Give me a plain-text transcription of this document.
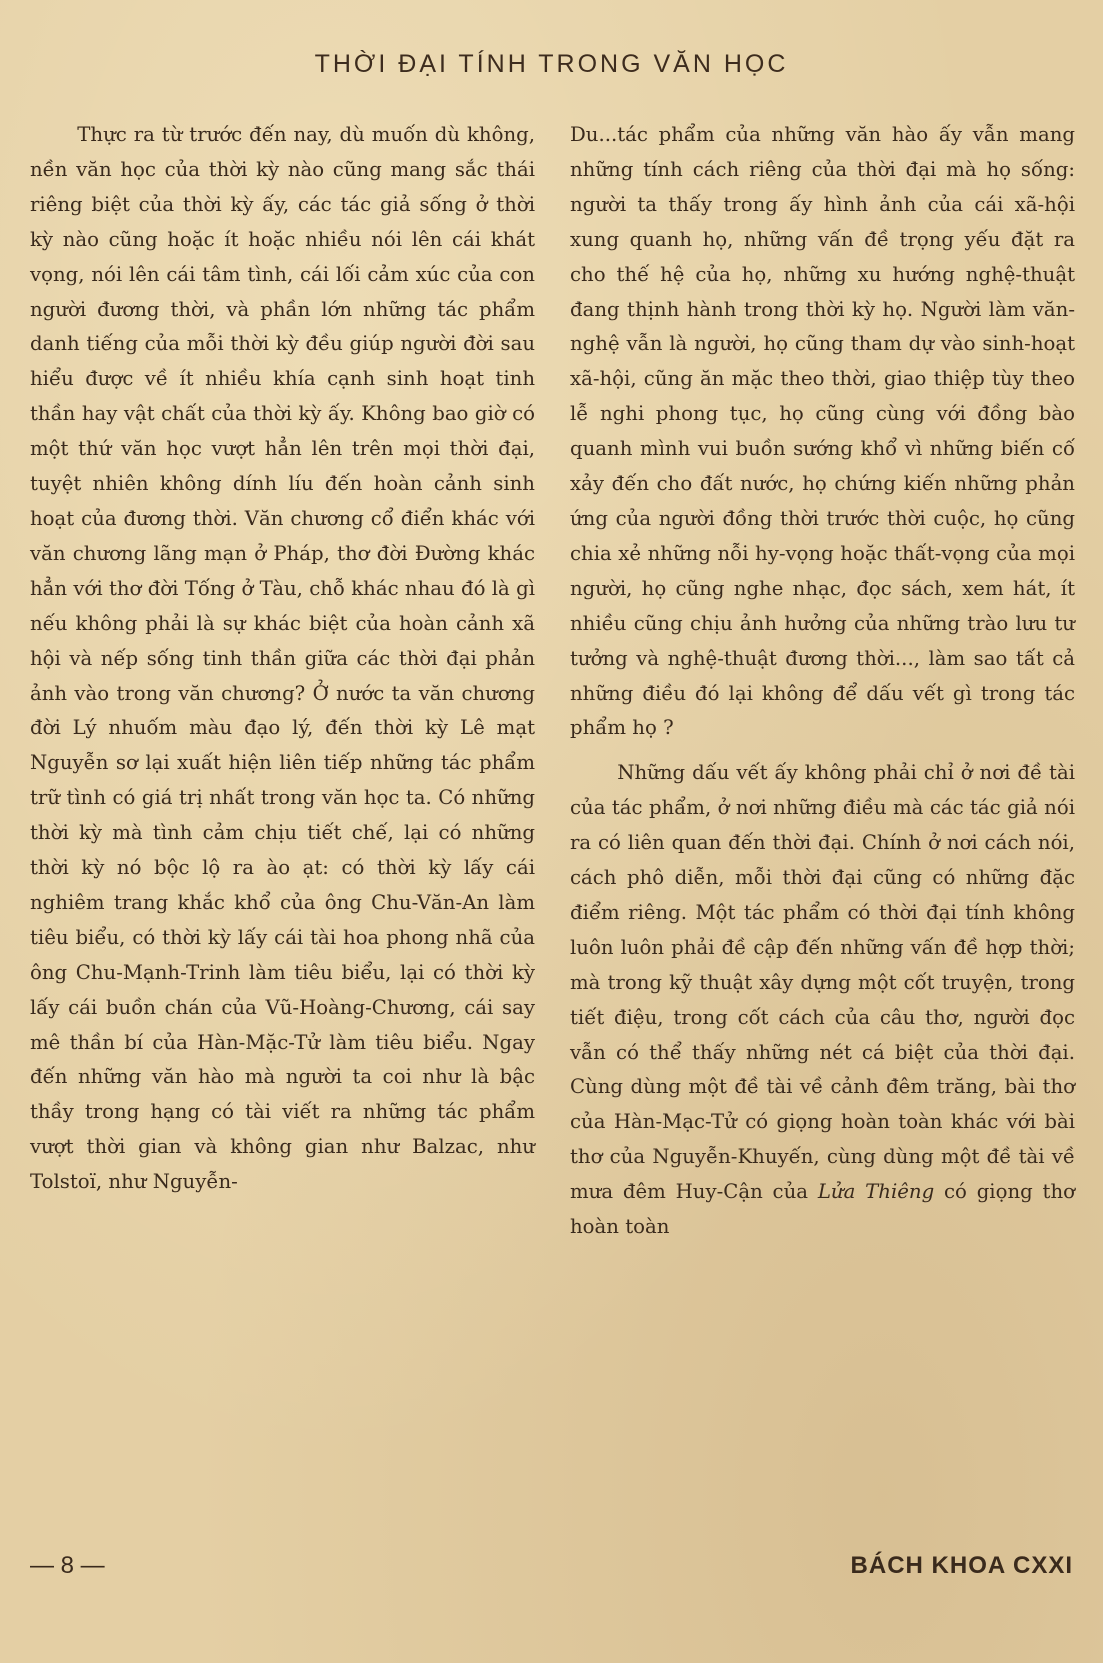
THỜI ĐẠI TÍNH TRONG VĂN HỌC

Thực ra từ trước đến nay, dù muốn dù không, nền văn học của thời kỳ nào cũng mang sắc thái riêng biệt của thời kỳ ấy, các tác giả sống ở thời kỳ nào cũng hoặc ít hoặc nhiều nói lên cái khát vọng, nói lên cái tâm tình, cái lối cảm xúc của con người đương thời, và phần lớn những tác phẩm danh tiếng của mỗi thời kỳ đều giúp người đời sau hiểu được về ít nhiều khía cạnh sinh hoạt tinh thần hay vật chất của thời kỳ ấy. Không bao giờ có một thứ văn học vượt hẳn lên trên mọi thời đại, tuyệt nhiên không dính líu đến hoàn cảnh sinh hoạt của đương thời. Văn chương cổ điển khác với văn chương lãng mạn ở Pháp, thơ đời Đường khác hẳn với thơ đời Tống ở Tàu, chỗ khác nhau đó là gì nếu không phải là sự khác biệt của hoàn cảnh xã hội và nếp sống tinh thần giữa các thời đại phản ảnh vào trong văn chương? Ở nước ta văn chương đời Lý nhuốm màu đạo lý, đến thời kỳ Lê mạt Nguyễn sơ lại xuất hiện liên tiếp những tác phẩm trữ tình có giá trị nhất trong văn học ta. Có những thời kỳ mà tình cảm chịu tiết chế, lại có những thời kỳ nó bộc lộ ra ào ạt: có thời kỳ lấy cái nghiêm trang khắc khổ của ông Chu-Văn-An làm tiêu biểu, có thời kỳ lấy cái tài hoa phong nhã của ông Chu-Mạnh-Trinh làm tiêu biểu, lại có thời kỳ lấy cái buồn chán của Vũ-Hoàng-Chương, cái say mê thần bí của Hàn-Mặc-Tử làm tiêu biểu. Ngay đến những văn hào mà người ta coi như là bậc thầy trong hạng có tài viết ra những tác phẩm vượt thời gian và không gian như Balzac, như Tolstoï, như Nguyễn-

Du...tác phẩm của những văn hào ấy vẫn mang những tính cách riêng của thời đại mà họ sống: người ta thấy trong ấy hình ảnh của cái xã-hội xung quanh họ, những vấn đề trọng yếu đặt ra cho thế hệ của họ, những xu hướng nghệ-thuật đang thịnh hành trong thời kỳ họ. Người làm văn-nghệ vẫn là người, họ cũng tham dự vào sinh-hoạt xã-hội, cũng ăn mặc theo thời, giao thiệp tùy theo lễ nghi phong tục, họ cũng cùng với đồng bào quanh mình vui buồn sướng khổ vì những biến cố xảy đến cho đất nước, họ chứng kiến những phản ứng của người đồng thời trước thời cuộc, họ cũng chia xẻ những nỗi hy-vọng hoặc thất-vọng của mọi người, họ cũng nghe nhạc, đọc sách, xem hát, ít nhiều cũng chịu ảnh hưởng của những trào lưu tư tưởng và nghệ-thuật đương thời..., làm sao tất cả những điều đó lại không để dấu vết gì trong tác phẩm họ ?

Những dấu vết ấy không phải chỉ ở nơi đề tài của tác phẩm, ở nơi những điều mà các tác giả nói ra có liên quan đến thời đại. Chính ở nơi cách nói, cách phô diễn, mỗi thời đại cũng có những đặc điểm riêng. Một tác phẩm có thời đại tính không luôn luôn phải đề cập đến những vấn đề hợp thời; mà trong kỹ thuật xây dựng một cốt truyện, trong tiết điệu, trong cốt cách của câu thơ, người đọc vẫn có thể thấy những nét cá biệt của thời đại. Cùng dùng một đề tài về cảnh đêm trăng, bài thơ của Hàn-Mạc-Tử có giọng hoàn toàn khác với bài thơ của Nguyễn-Khuyến, cùng dùng một đề tài về mưa đêm Huy-Cận của Lửa Thiêng có giọng thơ hoàn toàn

— 8 —	BÁCH KHOA CXXI
